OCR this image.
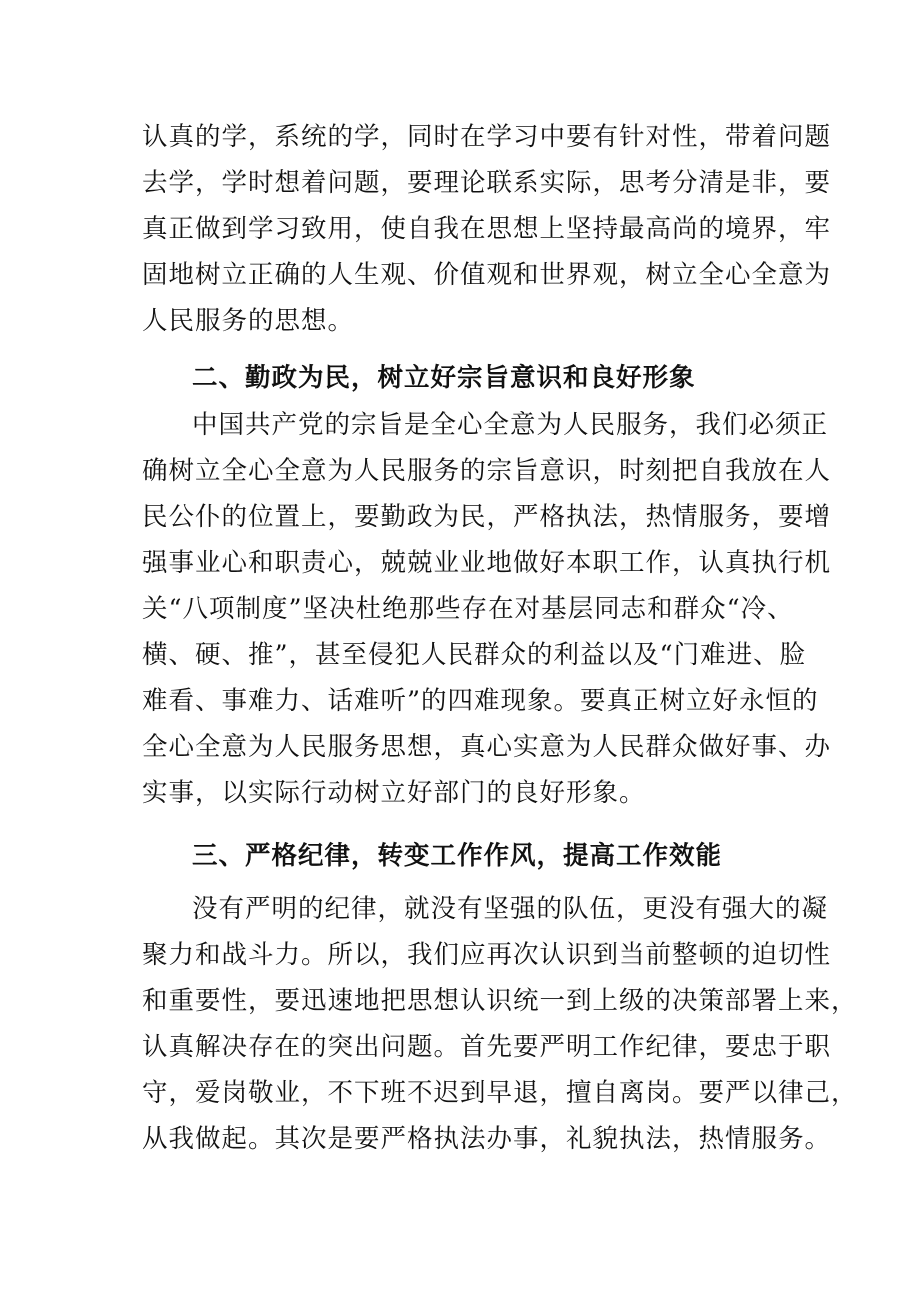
认真的学，系统的学，同时在学习中要有针对性，带着问题
去学，学时想着问题，要理论联系实际，思考分清是非，要
真正做到学习致用，使自我在思想上坚持最高尚的境界，牢
固地树立正确的人生观、价值观和世界观，树立全心全意为
人民服务的思想。
二、勤政为民，树立好宗旨意识和良好形象
中国共产党的宗旨是全心全意为人民服务，我们必须正
确树立全心全意为人民服务的宗旨意识，时刻把自我放在人
民公仆的位置上，要勤政为民，严格执法，热情服务，要增
强事业心和职责心，兢兢业业地做好本职工作，认真执行机
关“八项制度”坚决杜绝那些存在对基层同志和群众“冷、
横、硬、推”，甚至侵犯人民群众的利益以及“门难进、脸
难看、事难力、话难听”的四难现象。要真正树立好永恒的
全心全意为人民服务思想，真心实意为人民群众做好事、办
实事，以实际行动树立好部门的良好形象。
三、严格纪律，转变工作作风，提高工作效能
没有严明的纪律，就没有坚强的队伍，更没有强大的凝
聚力和战斗力。所以，我们应再次认识到当前整顿的迫切性
和重要性，要迅速地把思想认识统一到上级的决策部署上来，
认真解决存在的突出问题。首先要严明工作纪律，要忠于职
守，爱岗敬业，不下班不迟到早退，擅自离岗。要严以律己，
从我做起。其次是要严格执法办事，礼貌执法，热情服务。
